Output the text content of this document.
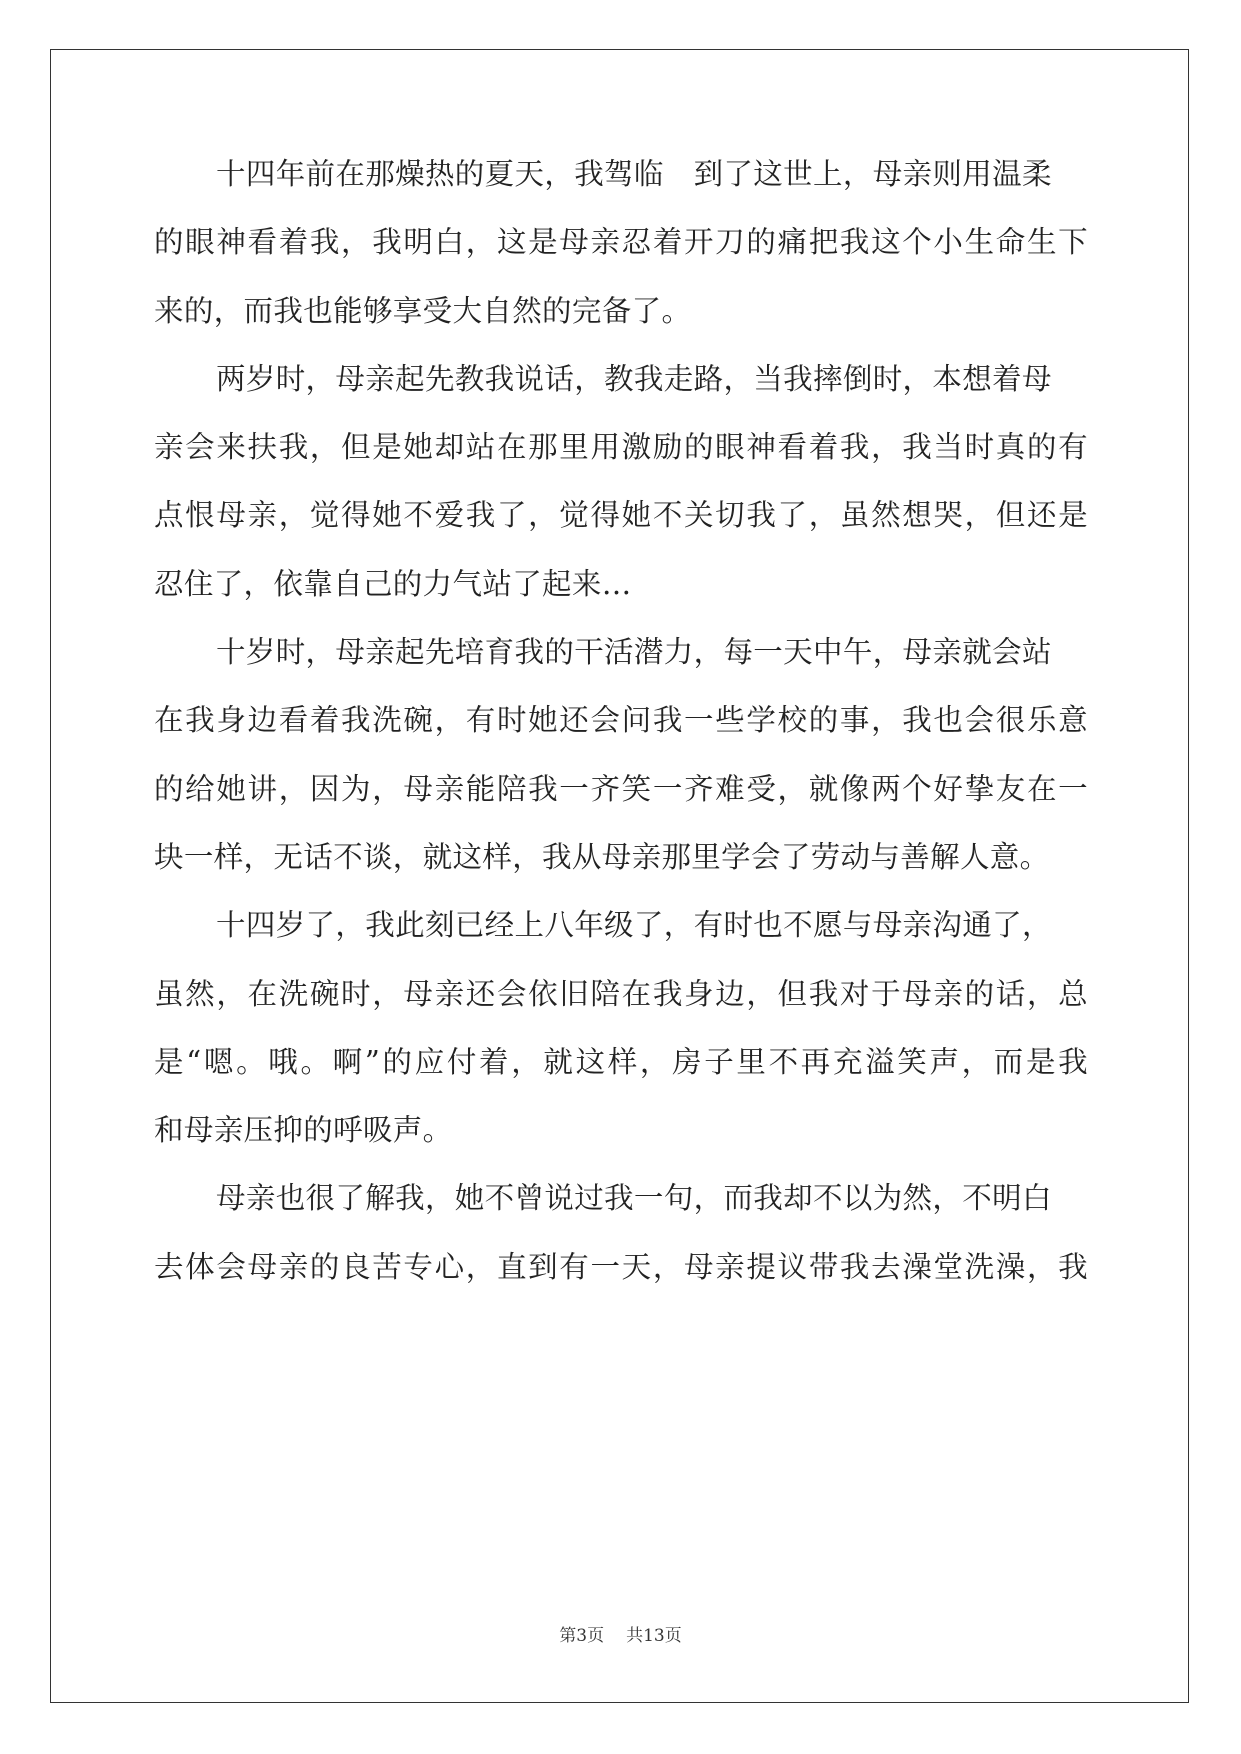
十四年前在那燥热的夏天，我驾临　到了这世上，母亲则用温柔
的眼神看着我，我明白，这是母亲忍着开刀的痛把我这个小生命生下
来的，而我也能够享受大自然的完备了。
两岁时，母亲起先教我说话，教我走路，当我摔倒时，本想着母
亲会来扶我，但是她却站在那里用激励的眼神看着我，我当时真的有
点恨母亲，觉得她不爱我了，觉得她不关切我了，虽然想哭，但还是
忍住了，依靠自己的力气站了起来…
十岁时，母亲起先培育我的干活潜力，每一天中午，母亲就会站
在我身边看着我洗碗，有时她还会问我一些学校的事，我也会很乐意
的给她讲，因为，母亲能陪我一齐笑一齐难受，就像两个好挚友在一
块一样，无话不谈，就这样，我从母亲那里学会了劳动与善解人意。
十四岁了，我此刻已经上八年级了，有时也不愿与母亲沟通了，
虽然，在洗碗时，母亲还会依旧陪在我身边，但我对于母亲的话，总
是“嗯。哦。啊”的应付着，就这样，房子里不再充溢笑声，而是我
和母亲压抑的呼吸声。
母亲也很了解我，她不曾说过我一句，而我却不以为然，不明白
去体会母亲的良苦专心，直到有一天，母亲提议带我去澡堂洗澡，我
第3页 共13页
